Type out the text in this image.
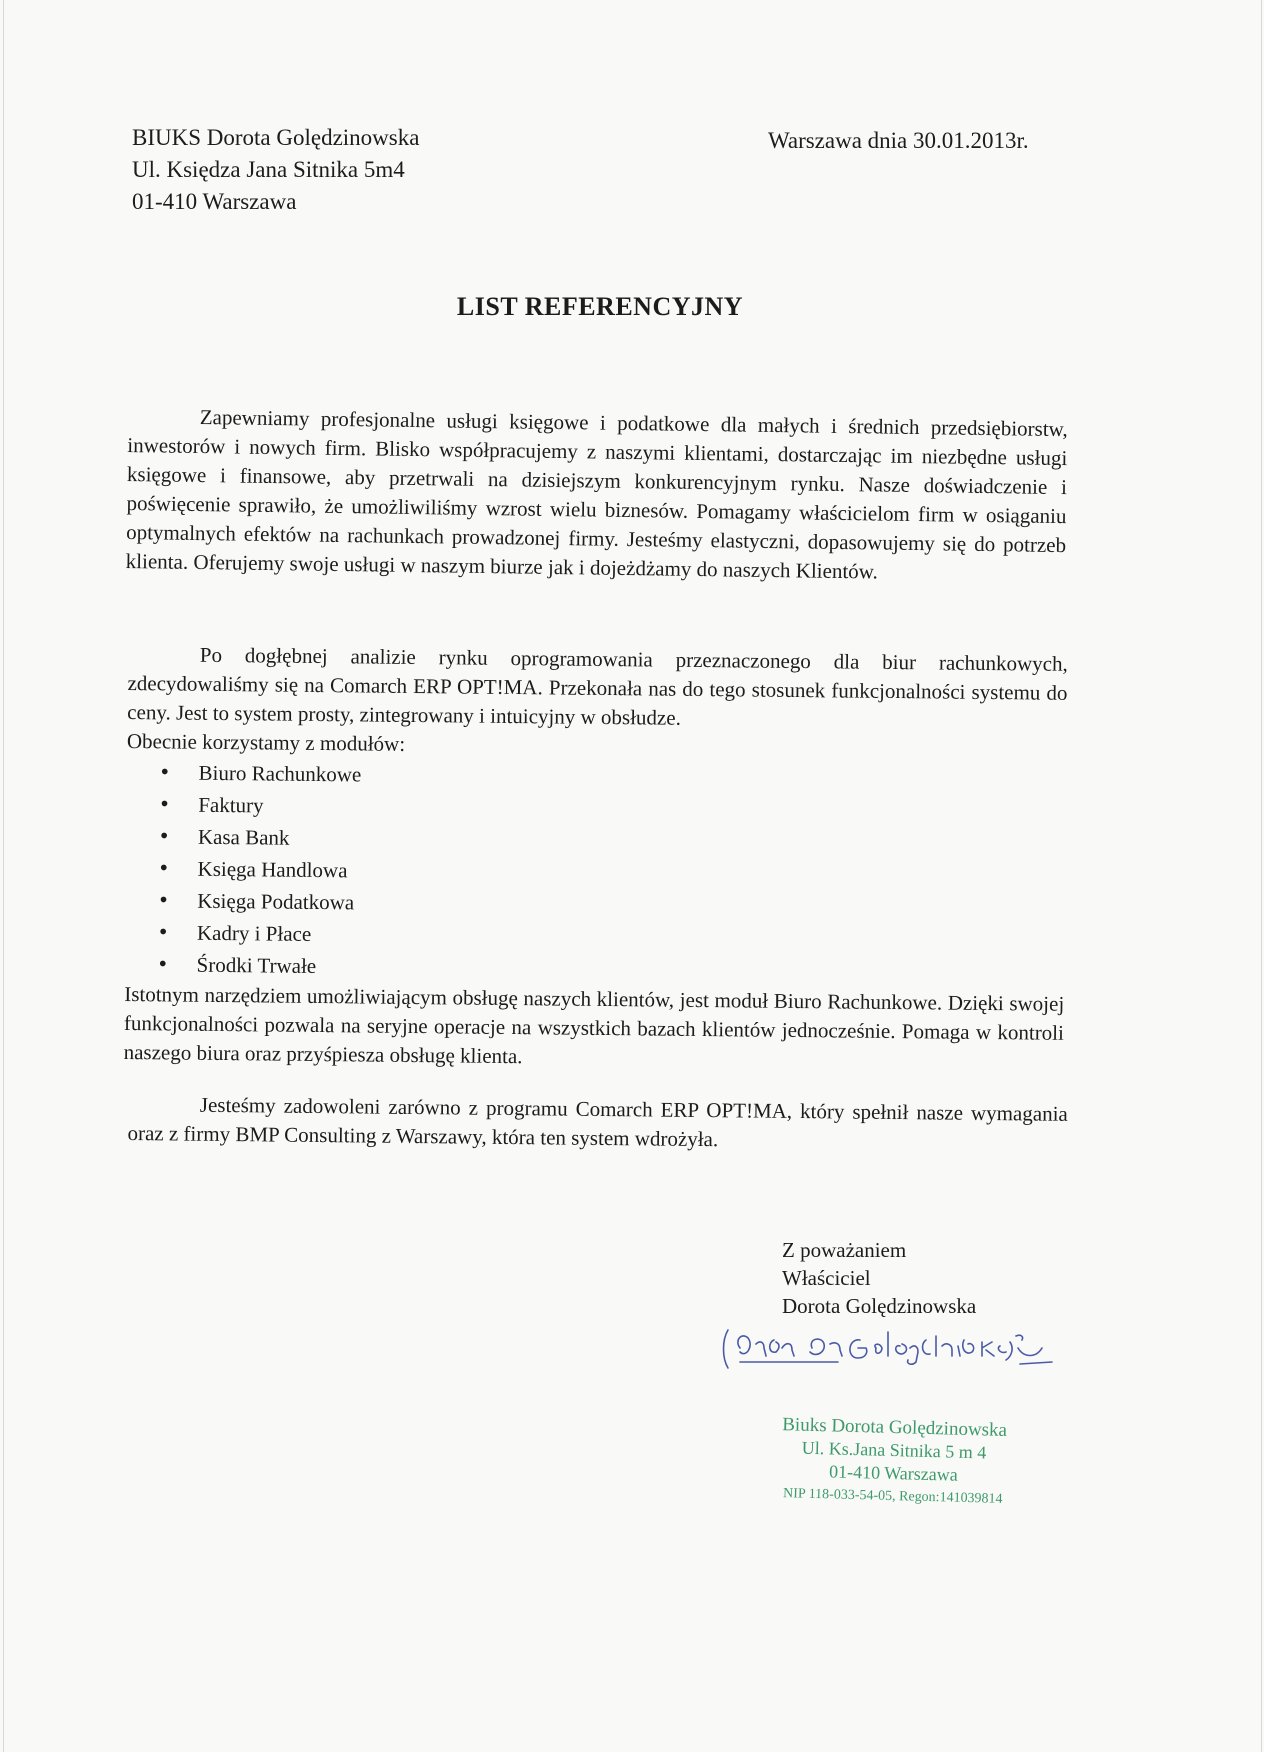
BIUKS Dorota Golędzinowska
Ul. Księdza Jana Sitnika 5m4
01-410 Warszawa
Warszawa dnia 30.01.2013r.
LIST REFERENCYJNY

Zapewniamy profesjonalne usługi księgowe i podatkowe dla małych i średnich przedsiębiorstw, inwestorów i nowych firm. Blisko współpracujemy z naszymi klientami, dostarczając im niezbędne usługi księgowe i finansowe, aby przetrwali na dzisiejszym konkurencyjnym rynku. Nasze doświadczenie i poświęcenie sprawiło, że umożliwiliśmy wzrost wielu biznesów. Pomagamy właścicielom firm w osiąganiu optymalnych efektów na rachunkach prowadzonej firmy. Jesteśmy elastyczni, dopasowujemy się do potrzeb klienta. Oferujemy swoje usługi w naszym biurze jak i dojeżdżamy do naszych Klientów.

Po dogłębnej analizie rynku oprogramowania przeznaczonego dla biur rachunkowych, zdecydowaliśmy się na Comarch ERP OPT!MA. Przekonała nas do tego stosunek funkcjonalności systemu do ceny. Jest to system prosty, zintegrowany i intuicyjny w obsłudze.

Obecnie korzystamy z modułów:

• Biuro Rachunkowe
• Faktury
• Kasa Bank
• Księga Handlowa
• Księga Podatkowa
• Kadry i Płace
• Środki Trwałe

Istotnym narzędziem umożliwiającym obsługę naszych klientów, jest moduł Biuro Rachunkowe. Dzięki swojej funkcjonalności pozwala na seryjne operacje na wszystkich bazach klientów jednocześnie. Pomaga w kontroli naszego biura oraz przyśpiesza obsługę klienta.

Jesteśmy zadowoleni zarówno z programu Comarch ERP OPT!MA, który spełnił nasze wymagania oraz z firmy BMP Consulting z Warszawy, która ten system wdrożyła.

Z poważaniem
Właściciel
Dorota Golędzinowska
Biuks Dorota Golędzinowska
Ul. Ks.Jana Sitnika 5 m 4
01-410 Warszawa
NIP 118-033-54-05, Regon:141039814
